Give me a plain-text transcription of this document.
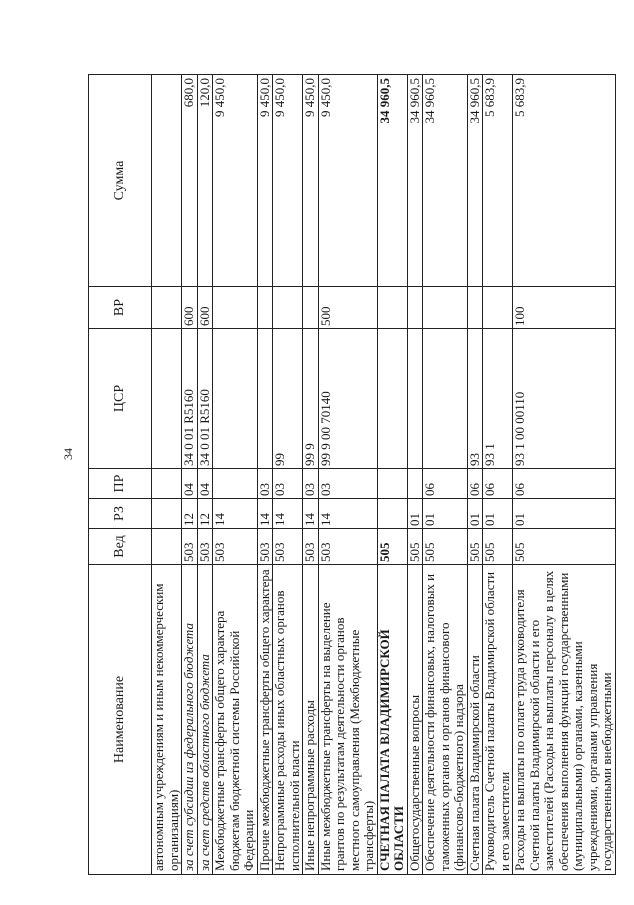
34
Наименование	Вед	РЗ	ПР	ЦСР	ВР	Сумма
автономным учреждениям и иным некоммерческим организациям)						
за счет субсидии из федерального бюджета	503	12	04	34 0 01 R5160	600	680,0
за счет средств областного бюджета	503	12	04	34 0 01 R5160	600	120,0
Межбюджетные трансферты общего характера бюджетам бюджетной системы Российской Федерации	503	14				9 450,0
Прочие межбюджетные трансферты общего характера	503	14	03			9 450,0
Непрограммные расходы иных областных органов исполнительной власти	503	14	03	99		9 450,0
Иные непрограммные расходы	503	14	03	99 9		9 450,0
Иные межбюджетные трансферты на выделение грантов по результатам деятельности органов местного самоуправления (Межбюджетные трансферты)	503	14	03	99 9 00 70140	500	9 450,0
СЧЕТНАЯ ПАЛАТА ВЛАДИМИРСКОЙ ОБЛАСТИ	505					34 960,5
Общегосударственные вопросы	505	01				34 960,5
Обеспечение деятельности финансовых, налоговых и таможенных органов и органов финансового (финансово-бюджетного) надзора	505	01	06			34 960,5
Счетная палата Владимирской области	505	01	06	93		34 960,5
Руководитель Счетной палаты Владимирской области и его заместители	505	01	06	93 1		5 683,9
Расходы на выплаты по оплате труда руководителя Счетной палаты Владимирской области и его заместителей (Расходы на выплаты персоналу в целях обеспечения выполнения функций государственными (муниципальными) органами, казенными учреждениями, органами управления государственными внебюджетными	505	01	06	93 1 00 00110	100	5 683,9
